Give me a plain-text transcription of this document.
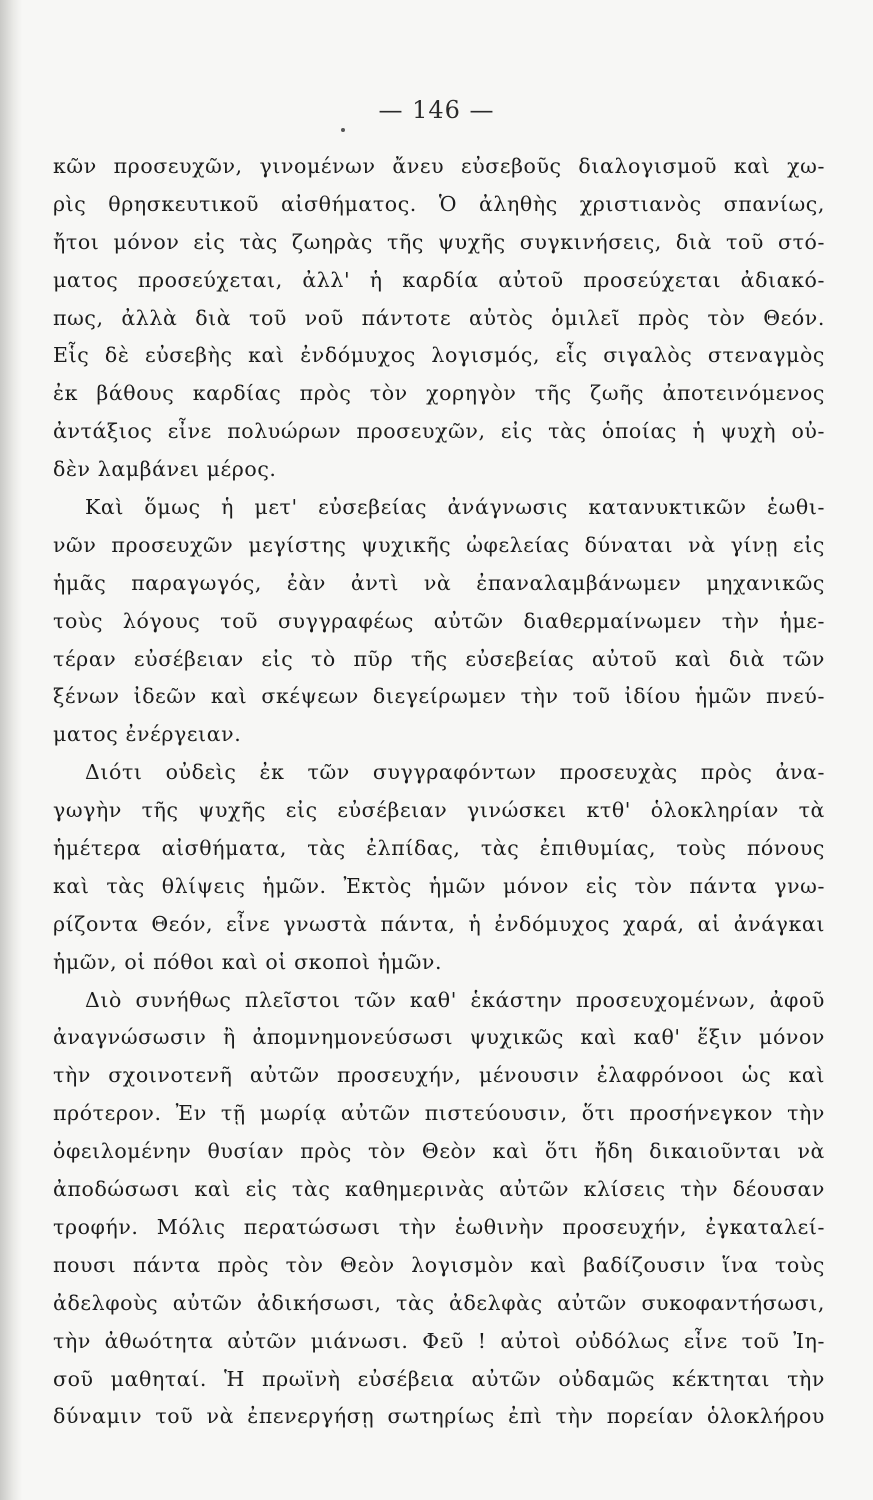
— 146 —
κῶν προσευχῶν, γινομένων ἄνευ εὐσεβοῦς διαλογισμοῦ καὶ χω-
ρὶς θρησκευτικοῦ αἰσθήματος. Ὁ ἀληθὴς χριστιανὸς σπανίως,
ἤτοι μόνον εἰς τὰς ζωηρὰς τῆς ψυχῆς συγκινήσεις, διὰ τοῦ στό-
ματος προσεύχεται, ἀλλ' ἡ καρδία αὐτοῦ προσεύχεται ἀδιακό-
πως, ἀλλὰ διὰ τοῦ νοῦ πάντοτε αὐτὸς ὁμιλεῖ πρὸς τὸν Θεόν.
Εἷς δὲ εὐσεβὴς καὶ ἐνδόμυχος λογισμός, εἷς σιγαλὸς στεναγμὸς
ἐκ βάθους καρδίας πρὸς τὸν χορηγὸν τῆς ζωῆς ἀποτεινόμενος
ἀντάξιος εἶνε πολυώρων προσευχῶν, εἰς τὰς ὁποίας ἡ ψυχὴ οὐ-
δὲν λαμβάνει μέρος.
Καὶ ὅμως ἡ μετ' εὐσεβείας ἀνάγνωσις κατανυκτικῶν ἑωθι-
νῶν προσευχῶν μεγίστης ψυχικῆς ὠφελείας δύναται νὰ γίνῃ εἰς
ἡμᾶς παραγωγός, ἐὰν ἀντὶ νὰ ἐπαναλαμβάνωμεν μηχανικῶς
τοὺς λόγους τοῦ συγγραφέως αὐτῶν διαθερμαίνωμεν τὴν ἡμε-
τέραν εὐσέβειαν εἰς τὸ πῦρ τῆς εὐσεβείας αὐτοῦ καὶ διὰ τῶν
ξένων ἰδεῶν καὶ σκέψεων διεγείρωμεν τὴν τοῦ ἰδίου ἡμῶν πνεύ-
ματος ἐνέργειαν.
Διότι οὐδεὶς ἐκ τῶν συγγραφόντων προσευχὰς πρὸς ἀνα-
γωγὴν τῆς ψυχῆς εἰς εὐσέβειαν γινώσκει κτθ' ὁλοκληρίαν τὰ
ἡμέτερα αἰσθήματα, τὰς ἐλπίδας, τὰς ἐπιθυμίας, τοὺς πόνους
καὶ τὰς θλίψεις ἡμῶν. Ἐκτὸς ἡμῶν μόνον εἰς τὸν πάντα γνω-
ρίζοντα Θεόν, εἶνε γνωστὰ πάντα, ἡ ἐνδόμυχος χαρά, αἱ ἀνάγκαι
ἡμῶν, οἱ πόθοι καὶ οἱ σκοποὶ ἡμῶν.
Διὸ συνήθως πλεῖστοι τῶν καθ' ἑκάστην προσευχομένων, ἀφοῦ
ἀναγνώσωσιν ἢ ἀπομνημονεύσωσι ψυχικῶς καὶ καθ' ἕξιν μόνον
τὴν σχοινοτενῆ αὐτῶν προσευχήν, μένουσιν ἐλαφρόνοοι ὡς καὶ
πρότερον. Ἐν τῇ μωρίᾳ αὐτῶν πιστεύουσιν, ὅτι προσήνεγκον τὴν
ὀφειλομένην θυσίαν πρὸς τὸν Θεὸν καὶ ὅτι ἤδη δικαιοῦνται νὰ
ἀποδώσωσι καὶ εἰς τὰς καθημερινὰς αὐτῶν κλίσεις τὴν δέουσαν
τροφήν. Μόλις περατώσωσι τὴν ἑωθινὴν προσευχήν, ἐγκαταλεί-
πουσι πάντα πρὸς τὸν Θεὸν λογισμὸν καὶ βαδίζουσιν ἵνα τοὺς
ἀδελφοὺς αὐτῶν ἀδικήσωσι, τὰς ἀδελφὰς αὐτῶν συκοφαντήσωσι,
τὴν ἀθωότητα αὐτῶν μιάνωσι. Φεῦ ! αὐτοὶ οὐδόλως εἶνε τοῦ Ἰη-
σοῦ μαθηταί. Ἡ πρωϊνὴ εὐσέβεια αὐτῶν οὐδαμῶς κέκτηται τὴν
δύναμιν τοῦ νὰ ἐπενεργήσῃ σωτηρίως ἐπὶ τὴν πορείαν ὁλοκλήρου
